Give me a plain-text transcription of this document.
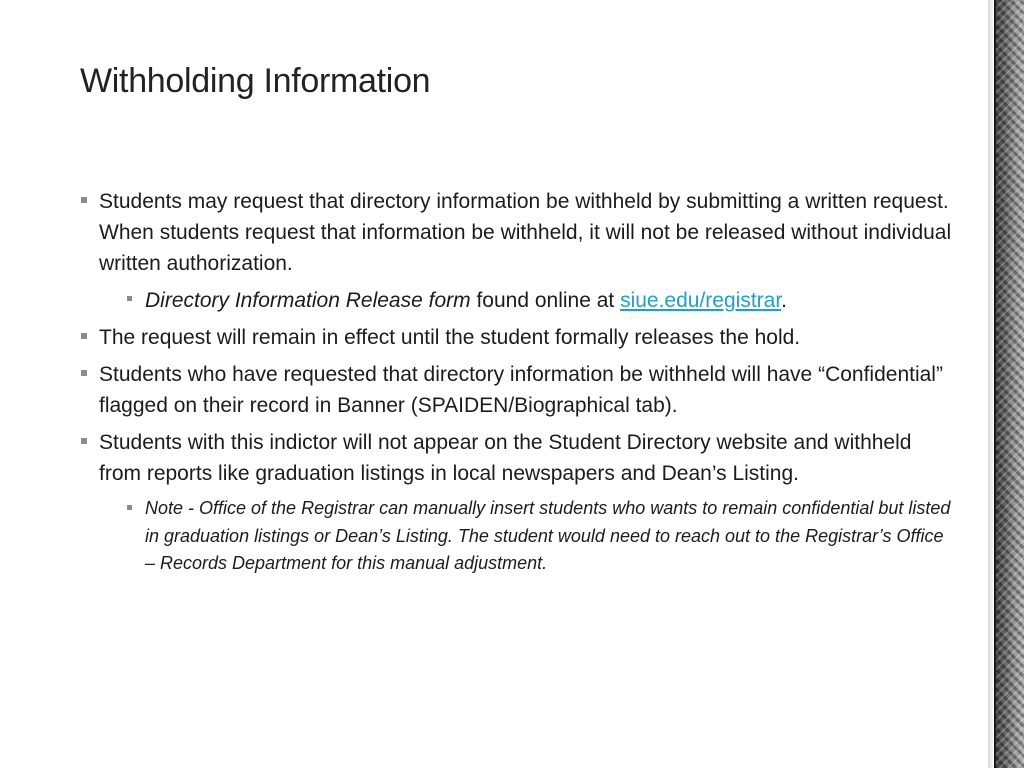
Withholding Information
Students may request that directory information be withheld by submitting a written request. When students request that information be withheld, it will not be released without individual written authorization.
Directory Information Release form found online at siue.edu/registrar.
The request will remain in effect until the student formally releases the hold.
Students who have requested that directory information be withheld will have “Confidential” flagged on their record in Banner (SPAIDEN/Biographical tab).
Students with this indictor will not appear on the Student Directory website and withheld from reports like graduation listings in local newspapers and Dean’s Listing.
Note - Office of the Registrar can manually insert students who wants to remain confidential but listed in graduation listings or Dean’s Listing. The student would need to reach out to the Registrar’s Office – Records Department for this manual adjustment.
